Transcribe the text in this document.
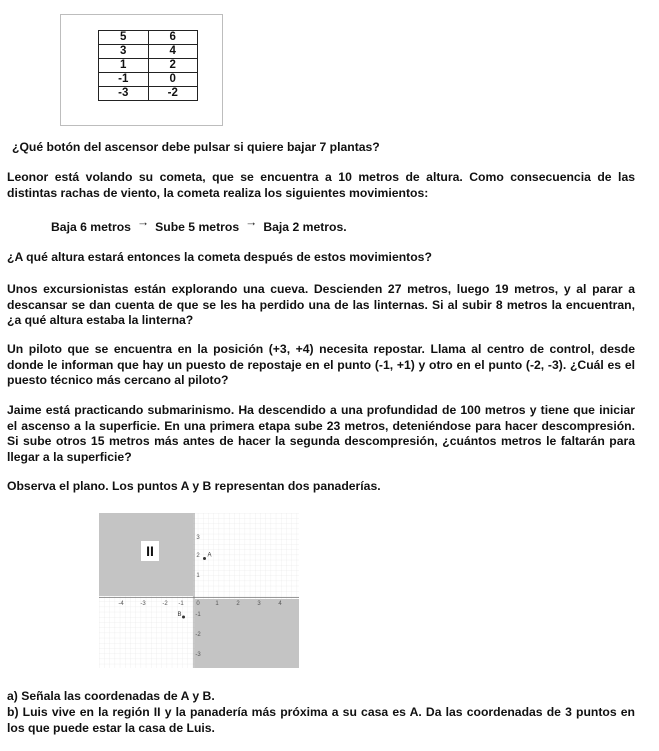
5	6
3	4
1	2
-1	0
-3	-2

¿Qué botón del ascensor debe pulsar si quiere bajar 7 plantas?

Leonor está volando su cometa, que se encuentra a 10 metros de altura. Como consecuencia de las distintas rachas de viento, la cometa realiza los siguientes movimientos:

Baja 6 metros → Sube 5 metros → Baja 2 metros.

¿A qué altura estará entonces la cometa después de estos movimientos?

Unos excursionistas están explorando una cueva. Descienden 27 metros, luego 19 metros, y al parar a descansar se dan cuenta de que se les ha perdido una de las linternas. Si al subir 8 metros la encuentran, ¿a qué altura estaba la linterna?

Un piloto que se encuentra en la posición (+3, +4) necesita repostar. Llama al centro de control, desde donde le informan que hay un puesto de repostaje en el punto (-1, +1) y otro en el punto (-2, -3). ¿Cuál es el puesto técnico más cercano al piloto?

Jaime está practicando submarinismo. Ha descendido a una profundidad de 100 metros y tiene que iniciar el ascenso a la superficie. En una primera etapa sube 23 metros, deteniéndose para hacer descompresión. Si sube otros 15 metros más antes de hacer la segunda descompresión, ¿cuántos metros le faltarán para llegar a la superficie?

Observa el plano. Los puntos A y B representan dos panaderías.

II
-4	-3	-2 -1 0	1	2	3	4
3
2
1
-1
-2
-3
A
B
a) Señala las coordenadas de A y B.
b) Luis vive en la región II y la panadería más próxima a su casa es A. Da las coordenadas de 3 puntos en los que puede estar la casa de Luis.
